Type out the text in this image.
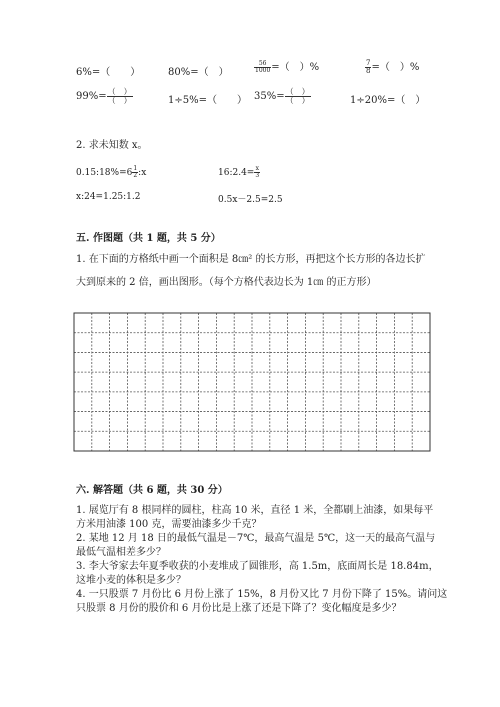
6%=（　　）	80%=（　）	$\frac{56}{1000}$ =（　）%	$\frac{7}{8}$ =（　）%
$99\%= \frac{( )}{( )}$	1÷5%=（　　） $35\%= \frac{( )}{( )}$	1÷20%=（　）
2. 求未知数 x。
0.15:18%=6 $\frac{1}{2}$ :x	16:2.4= $\frac{x}{3}$
x:24=1.25:1.2	0.5x－2.5=2.5
五. 作图题（共 1 题，共 5 分）
1. 在下面的方格纸中画一个面积是 8㎝² 的长方形，再把这个长方形的各边长扩
大到原来的 2 倍，画出图形。（每个方格代表边长为 1㎝ 的正方形）
六. 解答题（共 6 题，共 30 分）
1. 展览厅有 8 根同样的圆柱，柱高 10 米，直径 1 米，全都刷上油漆，如果每平
方米用油漆 100 克，需要油漆多少千克？
2. 某地 12 月 18 日的最低气温是－7℃，最高气温是 5℃，这一天的最高气温与
最低气温相差多少？
3. 李大爷家去年夏季收获的小麦堆成了圆锥形，高 1.5m，底面周长是 18.84m，
这堆小麦的体积是多少？
4. 一只股票 7 月份比 6 月份上涨了 15%，8 月份又比 7 月份下降了 15%。请问这
只股票 8 月份的股价和 6 月份比是上涨了还是下降了？变化幅度是多少？
